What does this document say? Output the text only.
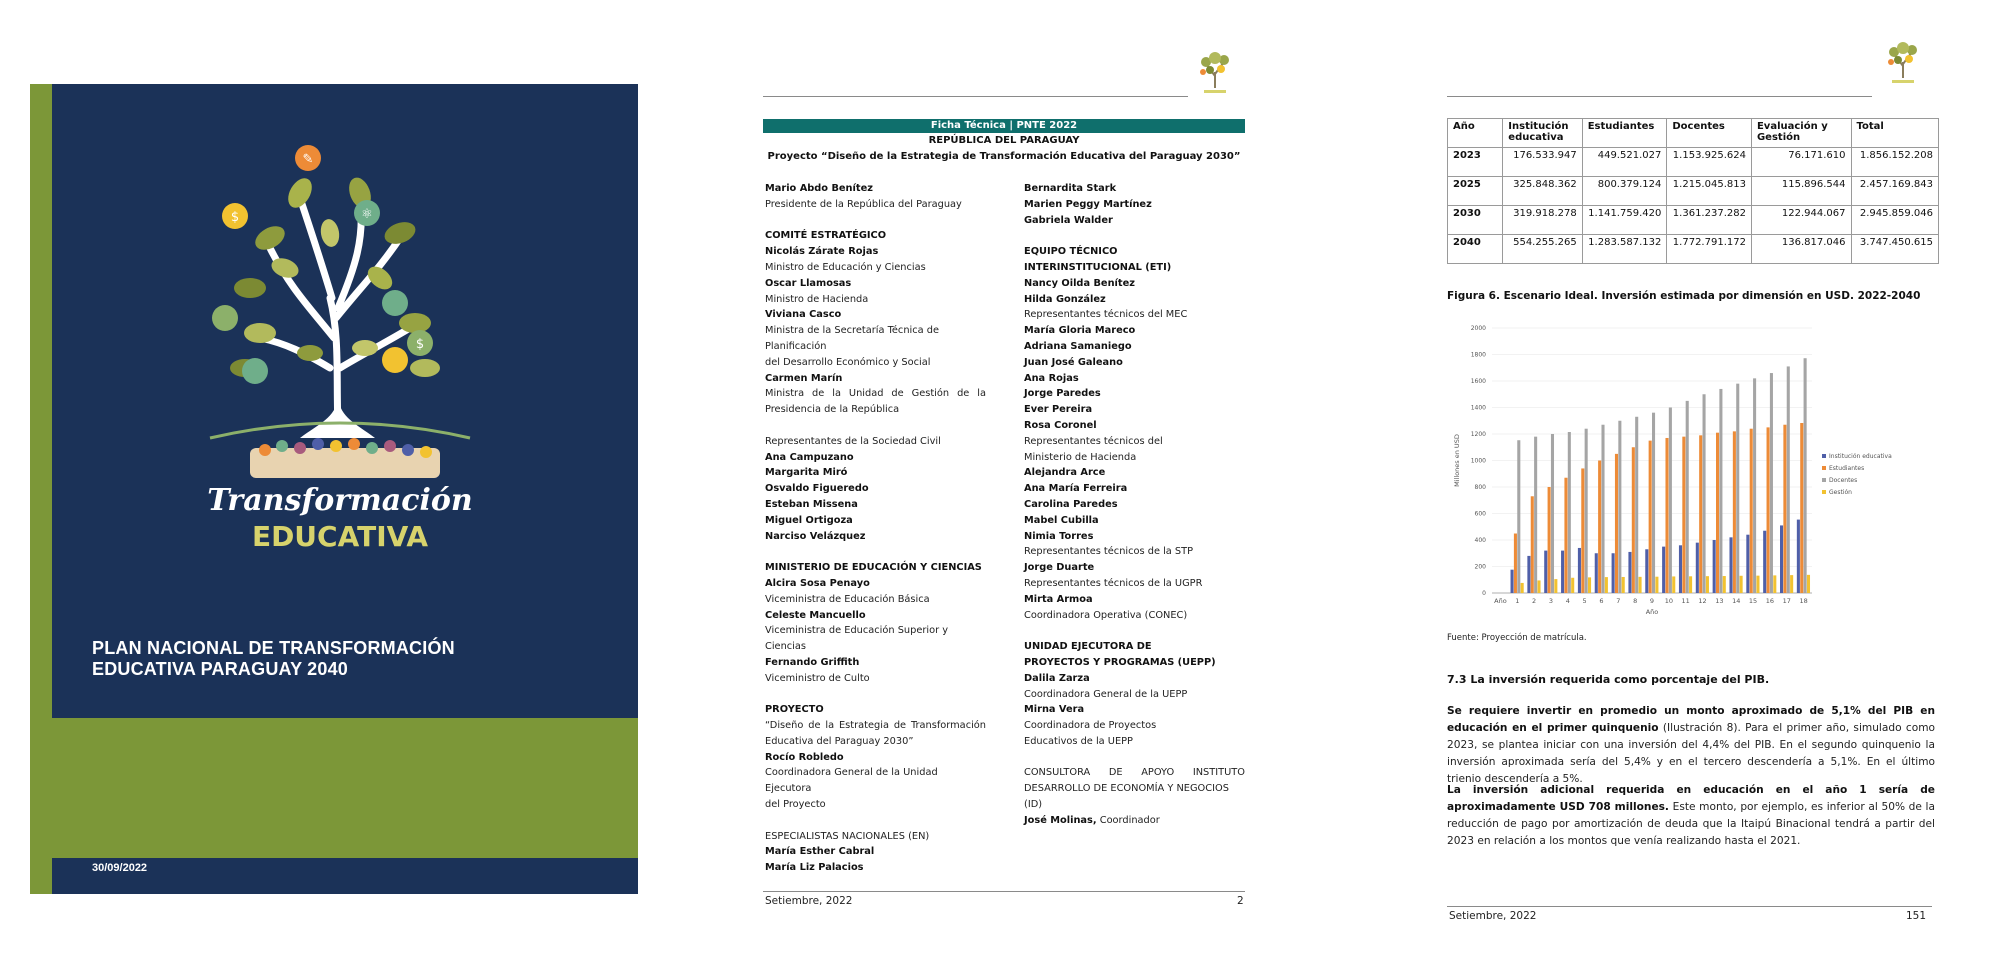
✎
$	⚛
$
Transformación
EDUCATIVA
PLAN NACIONAL DE TRANSFORMACIÓN
EDUCATIVA PARAGUAY 2040
30/09/2022
Ficha Técnica | PNTE 2022
REPÚBLICA DEL PARAGUAY
Proyecto “Diseño de la Estrategia de Transformación Educativa del Paraguay 2030”
Mario Abdo Benítez
Presidente de la República del Paraguay
COMITÉ ESTRATÉGICO
Nicolás Zárate Rojas
Ministro de Educación y Ciencias
Oscar Llamosas
Ministro de Hacienda
Viviana Casco
Ministra de la Secretaría Técnica de Planificación
del Desarrollo Económico y Social
Carmen Marín
Ministra de la Unidad de Gestión de la
Presidencia de la República
Representantes de la Sociedad Civil
Ana Campuzano
Margarita Miró
Osvaldo Figueredo
Esteban Missena
Miguel Ortigoza
Narciso Velázquez
MINISTERIO DE EDUCACIÓN Y CIENCIAS
Alcira Sosa Penayo
Viceministra de Educación Básica
Celeste Mancuello
Viceministra de Educación Superior y Ciencias
Fernando Griffith
Viceministro de Culto
PROYECTO
“Diseño de la Estrategia de Transformación
Educativa del Paraguay 2030”
Rocío Robledo
Coordinadora General de la Unidad Ejecutora
del Proyecto
ESPECIALISTAS NACIONALES (EN)
María Esther Cabral
María Liz Palacios
Bernardita Stark
Marien Peggy Martínez
Gabriela Walder
EQUIPO TÉCNICO
INTERINSTITUCIONAL (ETI)
Nancy Oilda Benítez
Hilda González
Representantes técnicos del MEC
María Gloria Mareco
Adriana Samaniego
Juan José Galeano
Ana Rojas
Jorge Paredes
Ever Pereira
Rosa Coronel
Representantes técnicos del
Ministerio de Hacienda
Alejandra Arce
Ana María Ferreira
Carolina Paredes
Mabel Cubilla
Nimia Torres
Representantes técnicos de la STP
Jorge Duarte
Representantes técnicos de la UGPR
Mirta Armoa
Coordinadora Operativa (CONEC)
UNIDAD EJECUTORA DE
PROYECTOS Y PROGRAMAS (UEPP)
Dalila Zarza
Coordinadora General de la UEPP
Mirna Vera
Coordinadora de Proyectos
Educativos de la UEPP
CONSULTORA DE APOYO INSTITUTO
DESARROLLO DE ECONOMÍA Y NEGOCIOS (ID)
José Molinas, Coordinador
Setiembre, 2022	2
Año	Institución educativa	Estudiantes	Docentes	Evaluación y Gestión	Total
2023	176.533.947	449.521.027	1.153.925.624	76.171.610	1.856.152.208
2025	325.848.362	800.379.124	1.215.045.813	115.896.544	2.457.169.843
2030	319.918.278	1.141.759.420	1.361.237.282	122.944.067	2.945.859.046
2040	554.255.265	1.283.587.132	1.772.791.172	136.817.046	3.747.450.615
Figura 6. Escenario Ideal. Inversión estimada por dimensión en USD. 2022-2040
0
200
400
600
800
1000
1200
1400
1600
1800
2000
Año 1 2 3 4 5 6 7 8 9 10 11 12 13 14 15 16 17 18
Año
Millones en USD	Institución educativa
Estudiantes
Docentes
Gestión
Fuente: Proyección de matrícula.
7.3 La inversión requerida como porcentaje del PIB.
Se requiere invertir en promedio un monto aproximado de 5,1% del PIB en educación en el primer quinquenio (Ilustración 8). Para el primer año, simulado como 2023, se plantea iniciar con una inversión del 4,4% del PIB. En el segundo quinquenio la inversión aproximada sería del 5,4% y en el tercero descendería a 5,1%. En el último trienio descendería a 5%.
La inversión adicional requerida en educación en el año 1 sería de aproximadamente USD 708 millones. Este monto, por ejemplo, es inferior al 50% de la reducción de pago por amortización de deuda que la Itaipú Binacional tendrá a partir del 2023 en relación a los montos que venía realizando hasta el 2021.
Setiembre, 2022	151
